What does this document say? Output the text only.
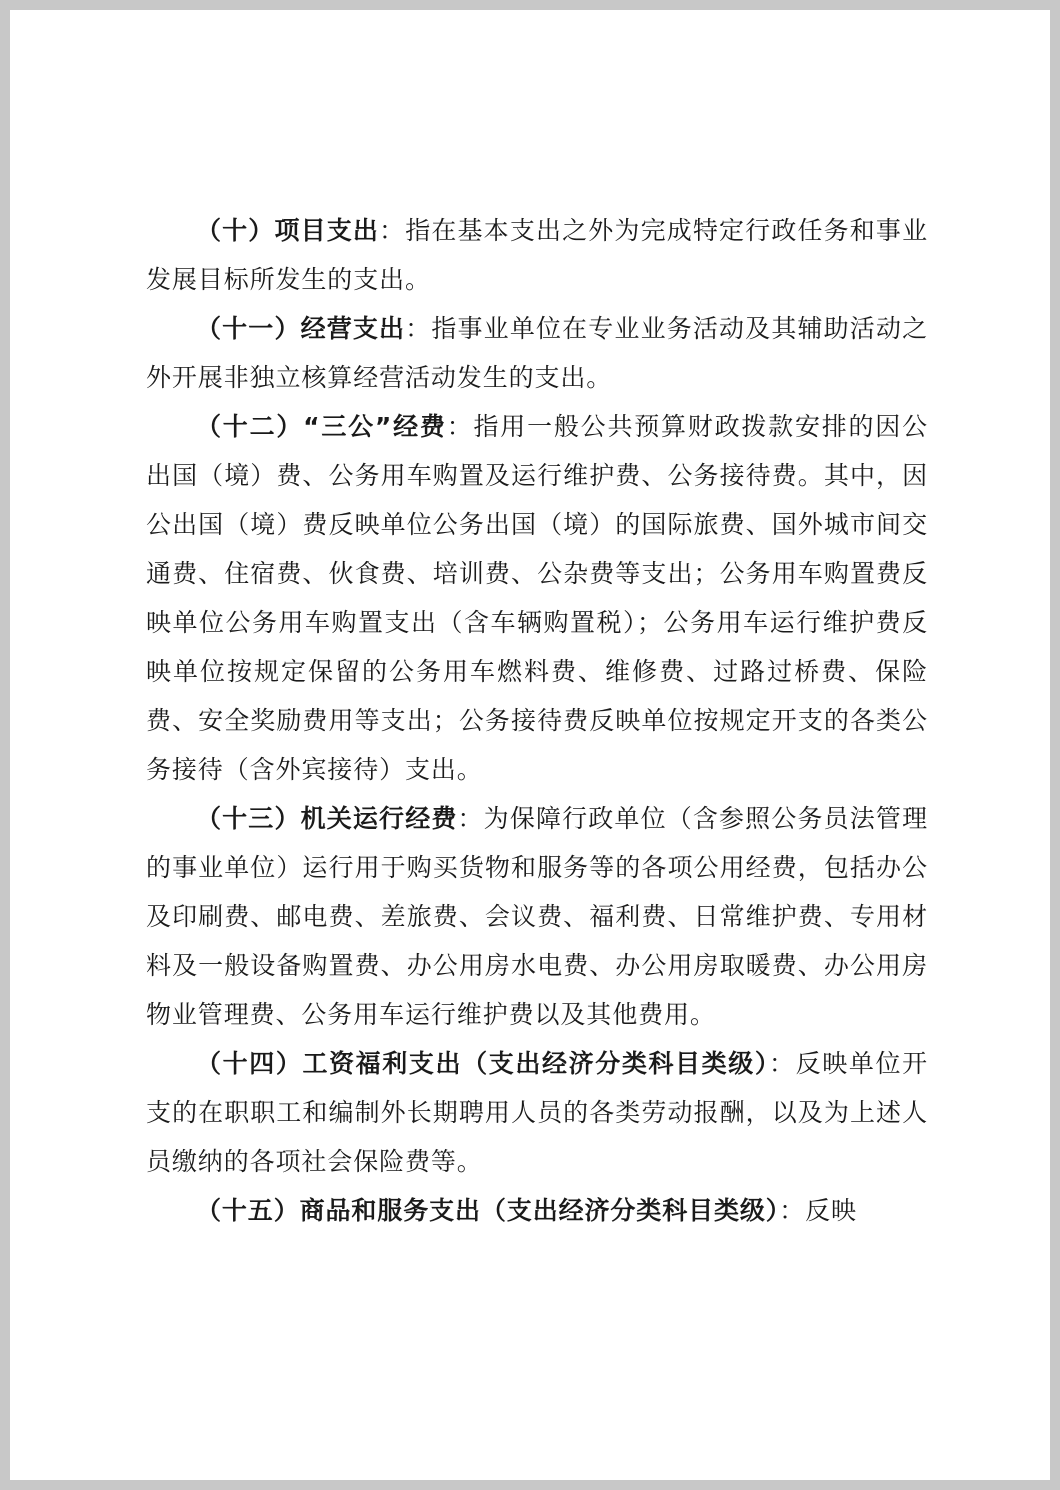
（十）项目支出：指在基本支出之外为完成特定行政任务和事业发展目标所发生的支出。

（十一）经营支出：指事业单位在专业业务活动及其辅助活动之外开展非独立核算经营活动发生的支出。

（十二）“三公”经费：指用一般公共预算财政拨款安排的因公出国（境）费、公务用车购置及运行维护费、公务接待费。其中，因公出国（境）费反映单位公务出国（境）的国际旅费、国外城市间交通费、住宿费、伙食费、培训费、公杂费等支出；公务用车购置费反映单位公务用车购置支出（含车辆购置税）；公务用车运行维护费反映单位按规定保留的公务用车燃料费、维修费、过路过桥费、保险费、安全奖励费用等支出；公务接待费反映单位按规定开支的各类公务接待（含外宾接待）支出。

（十三）机关运行经费：为保障行政单位（含参照公务员法管理的事业单位）运行用于购买货物和服务等的各项公用经费，包括办公及印刷费、邮电费、差旅费、会议费、福利费、日常维护费、专用材料及一般设备购置费、办公用房水电费、办公用房取暖费、办公用房物业管理费、公务用车运行维护费以及其他费用。

（十四）工资福利支出（支出经济分类科目类级）：反映单位开支的在职职工和编制外长期聘用人员的各类劳动报酬，以及为上述人员缴纳的各项社会保险费等。

（十五）商品和服务支出（支出经济分类科目类级）：反映
